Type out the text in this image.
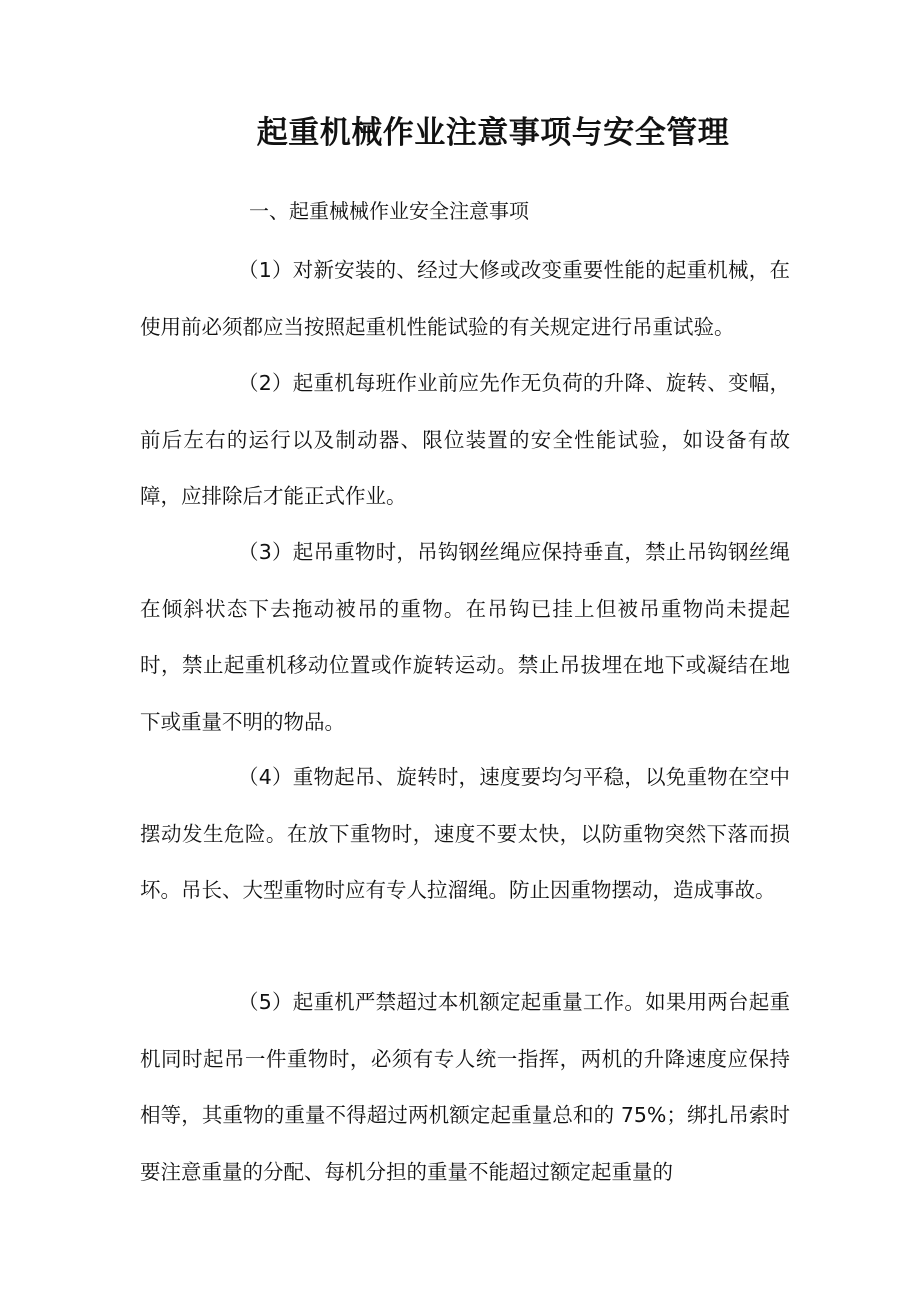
起重机械作业注意事项与安全管理
一、起重械械作业安全注意事项

（1）对新安装的、经过大修或改变重要性能的起重机械，在使用前必须都应当按照起重机性能试验的有关规定进行吊重试验。

（2）起重机每班作业前应先作无负荷的升降、旋转、变幅，前后左右的运行以及制动器、限位装置的安全性能试验，如设备有故障，应排除后才能正式作业。

（3）起吊重物时，吊钩钢丝绳应保持垂直，禁止吊钩钢丝绳在倾斜状态下去拖动被吊的重物。在吊钩已挂上但被吊重物尚未提起时，禁止起重机移动位置或作旋转运动。禁止吊拔埋在地下或凝结在地下或重量不明的物品。

（4）重物起吊、旋转时，速度要均匀平稳，以免重物在空中摆动发生危险。在放下重物时，速度不要太快，以防重物突然下落而损坏。吊长、大型重物时应有专人拉溜绳。防止因重物摆动，造成事故。

（5）起重机严禁超过本机额定起重量工作。如果用两台起重机同时起吊一件重物时，必须有专人统一指挥，两机的升降速度应保持相等，其重物的重量不得超过两机额定起重量总和的 75%；绑扎吊索时要注意重量的分配、每机分担的重量不能超过额定起重量的
